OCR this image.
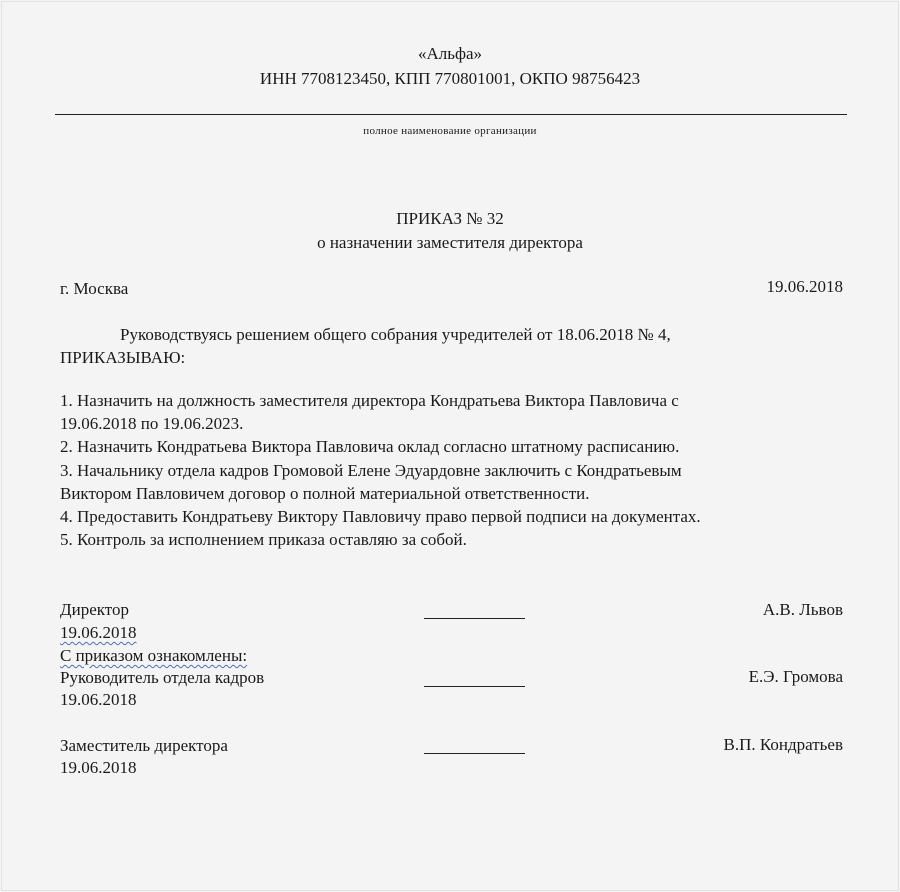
«Альфа»
ИНН 7708123450, КПП 770801001, ОКПО 98756423
полное наименование организации
ПРИКАЗ № 32
о назначении заместителя директора
г. Москва	19.06.2018
Руководствуясь решением общего собрания учредителей от 18.06.2018 № 4,
ПРИКАЗЫВАЮ:
1. Назначить на должность заместителя директора Кондратьева Виктора Павловича с
19.06.2018 по 19.06.2023.
2. Назначить Кондратьева Виктора Павловича оклад согласно штатному расписанию.
3. Начальнику отдела кадров Громовой Елене Эдуардовне заключить с Кондратьевым
Виктором Павловичем договор о полной материальной ответственности.
4. Предоставить Кондратьеву Виктору Павловичу право первой подписи на документах.
5. Контроль за исполнением приказа оставляю за собой.
Директор	А.В. Львов
19.06.2018
С приказом ознакомлены:
Руководитель отдела кадров	Е.Э. Громова
19.06.2018
Заместитель директора	В.П. Кондратьев
19.06.2018
